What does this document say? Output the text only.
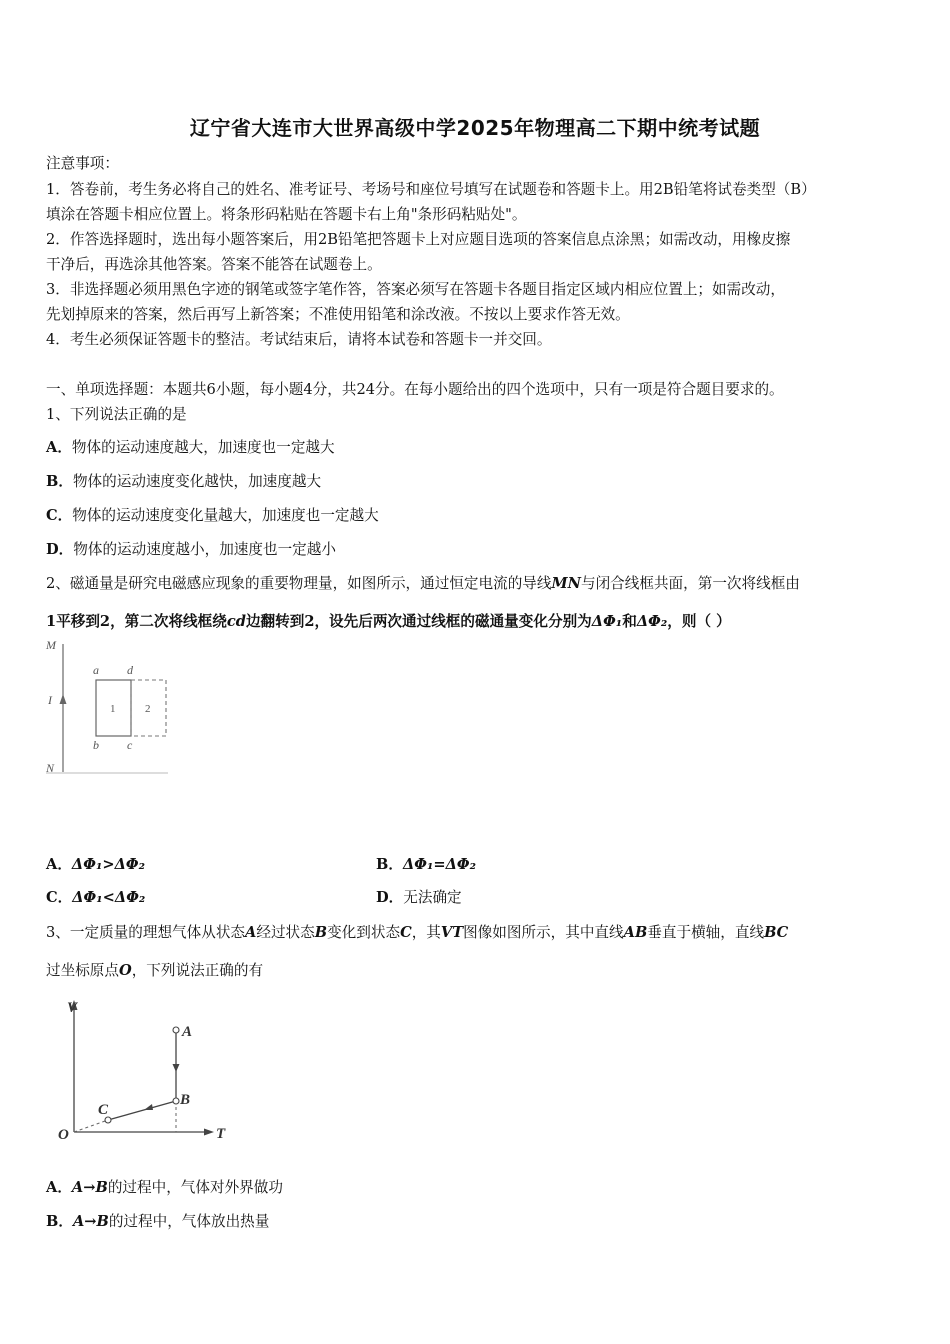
辽宁省大连市大世界高级中学2025年物理高二下期中统考试题
注意事项：
1．答卷前，考生务必将自己的姓名、准考证号、考场号和座位号填写在试题卷和答题卡上。用2B铅笔将试卷类型（B）
填涂在答题卡相应位置上。将条形码粘贴在答题卡右上角"条形码粘贴处"。
2．作答选择题时，选出每小题答案后，用2B铅笔把答题卡上对应题目选项的答案信息点涂黑；如需改动，用橡皮擦
干净后，再选涂其他答案。答案不能答在试题卷上。
3．非选择题必须用黑色字迹的钢笔或签字笔作答，答案必须写在答题卡各题目指定区域内相应位置上；如需改动，
先划掉原来的答案，然后再写上新答案；不准使用铅笔和涂改液。不按以上要求作答无效。
4．考生必须保证答题卡的整洁。考试结束后，请将本试卷和答题卡一并交回。
一、单项选择题：本题共6小题，每小题4分，共24分。在每小题给出的四个选项中，只有一项是符合题目要求的。
1、下列说法正确的是
A．物体的运动速度越大，加速度也一定越大
B．物体的运动速度变化越快，加速度越大
C．物体的运动速度变化量越大，加速度也一定越大
D．物体的运动速度越小，加速度也一定越小
2、磁通量是研究电磁感应现象的重要物理量，如图所示，通过恒定电流的导线MN与闭合线框共面，第一次将线框由
1平移到2，第二次将线框绕cd边翻转到2，设先后两次通过线框的磁通量变化分别为ΔΦ₁和ΔΦ₂，则（ ）
M
I
N
a d
b c
1	2
A．ΔΦ₁>ΔΦ₂	B．ΔΦ₁=ΔΦ₂
C．ΔΦ₁<ΔΦ₂	D．无法确定
3、一定质量的理想气体从状态A经过状态B变化到状态C，其VT图像如图所示，其中直线AB垂直于横轴，直线BC
过坐标原点O，下列说法正确的有
V
T
O
A
B
C
A．A→B的过程中，气体对外界做功
B．A→B的过程中，气体放出热量
